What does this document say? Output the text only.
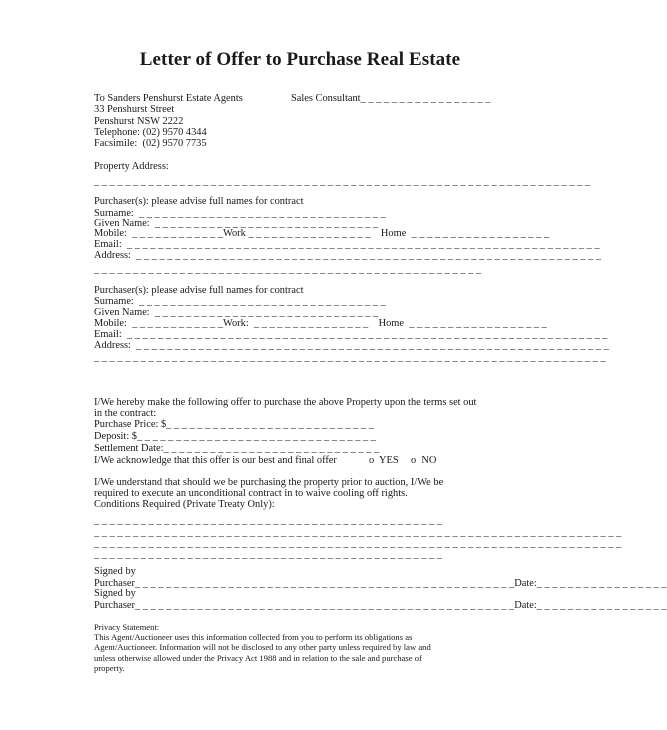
Letter of Offer to Purchase Real Estate
To Sanders Penshurst Estate Agents	Sales Consultant_ _ _ _ _ _ _ _ _ _ _ _ _ _ _ _ _
33 Penshurst Street
Penshurst NSW 2222
Telephone: (02) 9570 4344
Facsimile:  (02) 9570 7735
Property Address:
_ _ _ _ _ _ _ _ _ _ _ _ _ _ _ _ _ _ _ _ _ _ _ _ _ _ _ _ _ _ _ _ _ _ _ _ _ _ _ _ _ _ _ _ _ _ _ _ _ _ _ _ _ _ _ _ _ _ _ _ _ _ _ _
Purchaser(s): please advise full names for contract
Surname:  _ _ _ _ _ _ _ _ _ _ _ _ _ _ _ _ _ _ _ _ _ _ _ _ _ _ _ _ _ _ _ _
Given Name:  _ _ _ _ _ _ _ _ _ _ _ _ _ _ _ _ _ _ _ _ _ _ _ _ _ _ _ _ _
Mobile:  _ _ _ _ _ _ _ _ _ _ _ _Work _ _ _ _ _ _ _ _ _ _ _ _ _ _ _ _    Home  _ _ _ _ _ _ _ _ _ _ _ _ _ _ _ _ _ _
Email:  _ _ _ _ _ _ _ _ _ _ _ _ _ _ _ _ _ _ _ _ _ _ _ _ _ _ _ _ _ _ _ _ _ _ _ _ _ _ _ _ _ _ _ _ _ _ _ _ _ _ _ _ _ _ _ _ _ _ _ _ _
Address:  _ _ _ _ _ _ _ _ _ _ _ _ _ _ _ _ _ _ _ _ _ _ _ _ _ _ _ _ _ _ _ _ _ _ _ _ _ _ _ _ _ _ _ _ _ _ _ _ _ _ _ _ _ _ _ _ _ _ _ _
_ _ _ _ _ _ _ _ _ _ _ _ _ _ _ _ _ _ _ _ _ _ _ _ _ _ _ _ _ _ _ _ _ _ _ _ _ _ _ _ _ _ _ _ _ _ _ _ _ _
Purchaser(s): please advise full names for contract
Surname:  _ _ _ _ _ _ _ _ _ _ _ _ _ _ _ _ _ _ _ _ _ _ _ _ _ _ _ _ _ _ _ _
Given Name:  _ _ _ _ _ _ _ _ _ _ _ _ _ _ _ _ _ _ _ _ _ _ _ _ _ _ _ _ _
Mobile:  _ _ _ _ _ _ _ _ _ _ _ _Work:  _ _ _ _ _ _ _ _ _ _ _ _ _ _ _    Home  _ _ _ _ _ _ _ _ _ _ _ _ _ _ _ _ _ _
Email:  _ _ _ _ _ _ _ _ _ _ _ _ _ _ _ _ _ _ _ _ _ _ _ _ _ _ _ _ _ _ _ _ _ _ _ _ _ _ _ _ _ _ _ _ _ _ _ _ _ _ _ _ _ _ _ _ _ _ _ _ _ _
Address:  _ _ _ _ _ _ _ _ _ _ _ _ _ _ _ _ _ _ _ _ _ _ _ _ _ _ _ _ _ _ _ _ _ _ _ _ _ _ _ _ _ _ _ _ _ _ _ _ _ _ _ _ _ _ _ _ _ _ _ _ _
_ _ _ _ _ _ _ _ _ _ _ _ _ _ _ _ _ _ _ _ _ _ _ _ _ _ _ _ _ _ _ _ _ _ _ _ _ _ _ _ _ _ _ _ _ _ _ _ _ _ _ _ _ _ _ _ _ _ _ _ _ _ _ _ _ _
I/We hereby make the following offer to purchase the above Property upon the terms set out
in the contract:
Purchase Price: $_ _ _ _ _ _ _ _ _ _ _ _ _ _ _ _ _ _ _ _ _ _ _ _ _ _ _
Deposit: $_ _ _ _ _ _ _ _ _ _ _ _ _ _ _ _ _ _ _ _ _ _ _ _ _ _ _ _ _ _ _
Settlement Date:_ _ _ _ _ _ _ _ _ _ _ _ _ _ _ _ _ _ _ _ _ _ _ _ _ _ _ _
I/We acknowledge that this offer is our best and final offer	o  YES o  NO
I/We understand that should we be purchasing the property prior to auction, I/We be
required to execute an unconditional contract in to waive cooling off rights.
Conditions Required (Private Treaty Only):
_ _ _ _ _ _ _ _ _ _ _ _ _ _ _ _ _ _ _ _ _ _ _ _ _ _ _ _ _ _ _ _ _ _ _ _ _ _ _ _ _ _ _ _ _
_ _ _ _ _ _ _ _ _ _ _ _ _ _ _ _ _ _ _ _ _ _ _ _ _ _ _ _ _ _ _ _ _ _ _ _ _ _ _ _ _ _ _ _ _ _ _ _ _ _ _ _ _ _ _ _ _ _ _ _ _ _ _ _ _ _ _ _
_ _ _ _ _ _ _ _ _ _ _ _ _ _ _ _ _ _ _ _ _ _ _ _ _ _ _ _ _ _ _ _ _ _ _ _ _ _ _ _ _ _ _ _ _ _ _ _ _ _ _ _ _ _ _ _ _ _ _ _ _ _ _ _ _ _ _ _
_ _ _ _ _ _ _ _ _ _ _ _ _ _ _ _ _ _ _ _ _ _ _ _ _ _ _ _ _ _ _ _ _ _ _ _ _ _ _ _ _ _ _ _ _
Signed by
Purchaser_ _ _ _ _ _ _ _ _ _ _ _ _ _ _ _ _ _ _ _ _ _ _ _ _ _ _ _ _ _ _ _ _ _ _ _ _ _ _ _ _ _ _ _ _ _ _ _ _Date:_ _ _ _ _ _ _ _ _ _ _ _ _ _ _ _ _
Signed by
Purchaser_ _ _ _ _ _ _ _ _ _ _ _ _ _ _ _ _ _ _ _ _ _ _ _ _ _ _ _ _ _ _ _ _ _ _ _ _ _ _ _ _ _ _ _ _ _ _ _ _Date:_ _ _ _ _ _ _ _ _ _ _ _ _ _ _ _ _
Privacy Statement:
This Agent/Auctioneer uses this information collected from you to perform its obligations as
Agent/Auctioneer. Information will not be disclosed to any other party unless required by law and
unless otherwise allowed under the Privacy Act 1988 and in relation to the sale and purchase of
property.
